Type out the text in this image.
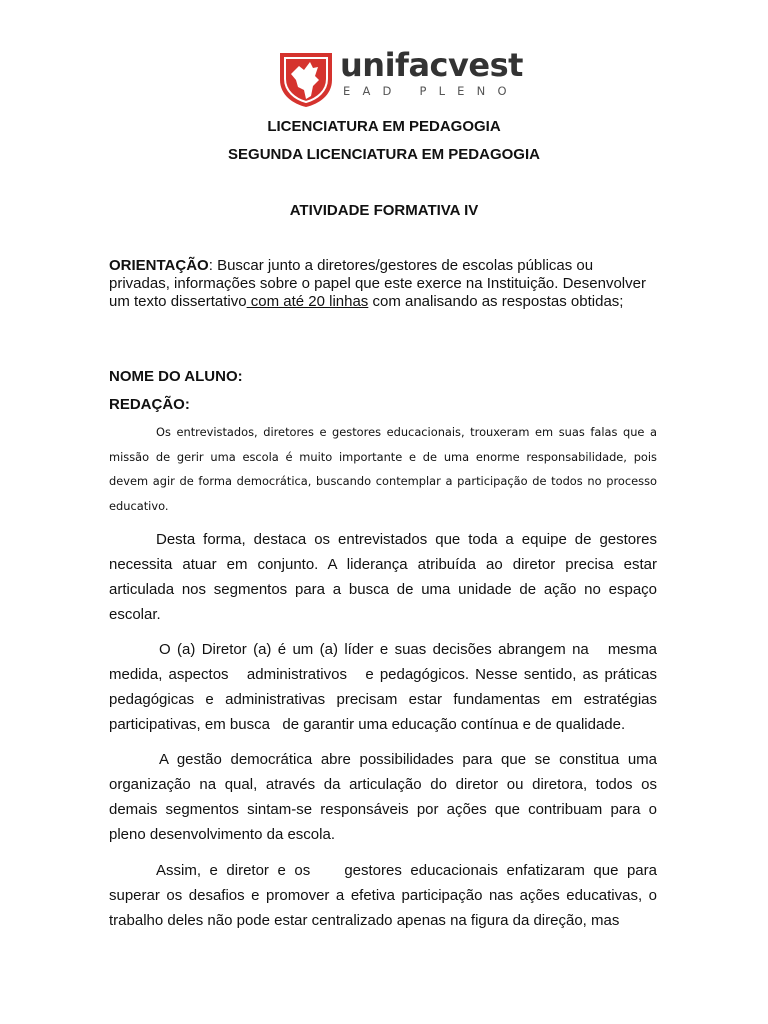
unifacvest
EAD PLENO

LICENCIATURA EM PEDAGOGIA

SEGUNDA LICENCIATURA EM PEDAGOGIA

ATIVIDADE FORMATIVA IV

ORIENTAÇÃO: Buscar junto a diretores/gestores de escolas públicas ou privadas, informações sobre o papel que este exerce na Instituição. Desenvolver um texto dissertativo com até 20 linhas com analisando as respostas obtidas;

NOME DO ALUNO:

REDAÇÃO:

Os entrevistados, diretores e gestores educacionais, trouxeram em suas falas que a missão de gerir uma escola é muito importante e de uma enorme responsabilidade, pois devem agir de forma democrática, buscando contemplar a participação de todos no processo educativo.

Desta forma, destaca os entrevistados que toda a equipe de gestores necessita atuar em conjunto. A liderança atribuída ao diretor precisa estar articulada nos segmentos para a busca de uma unidade de ação no espaço escolar.

O (a) Diretor (a) é um (a) líder e suas decisões abrangem na   mesma medida, aspectos   administrativos   e pedagógicos. Nesse sentido, as práticas pedagógicas e administrativas precisam estar fundamentas em estratégias participativas, em busca   de garantir uma educação contínua e de qualidade.

A gestão democrática abre possibilidades para que se constitua uma organização na qual, através da articulação do diretor ou diretora, todos os demais segmentos sintam-se responsáveis por ações que contribuam para o pleno desenvolvimento da escola.

Assim, e diretor e os    gestores educacionais enfatizaram que para superar os desafios e promover a efetiva participação nas ações educativas, o trabalho deles não pode estar centralizado apenas na figura da direção, mas
